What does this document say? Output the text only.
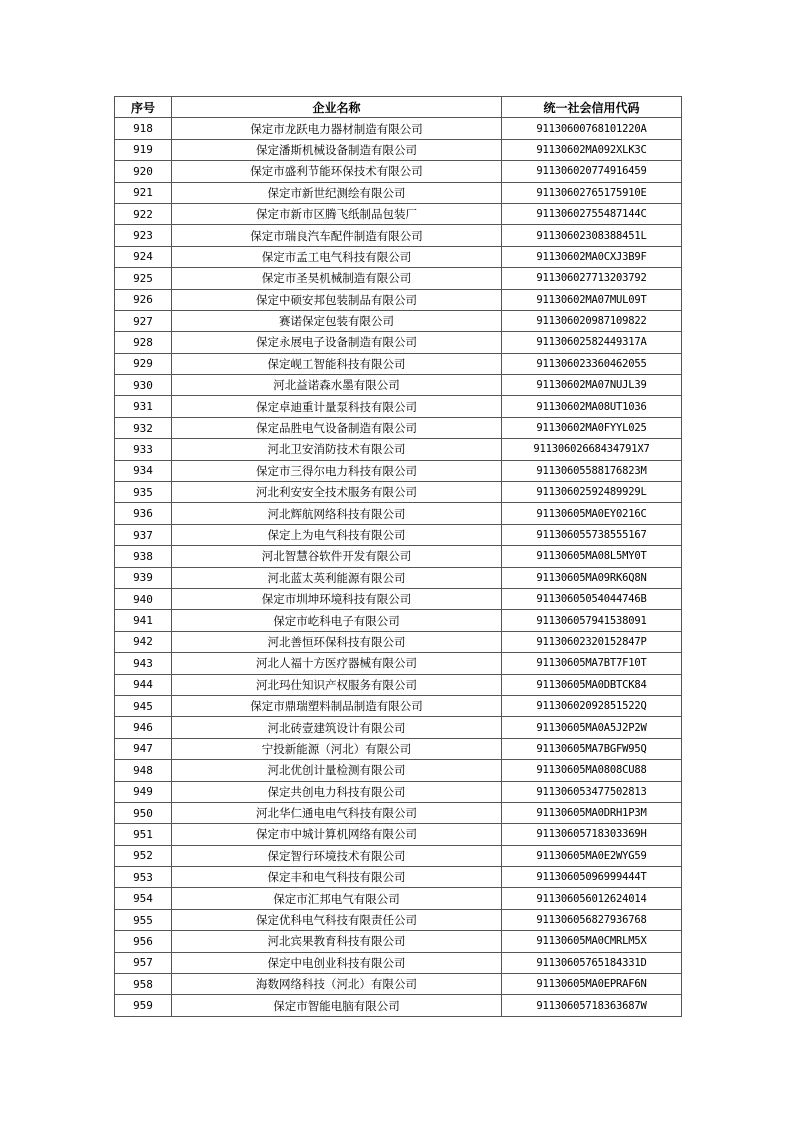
序号	企业名称	统一社会信用代码
918	保定市龙跃电力器材制造有限公司	91130600768101220A
919	保定潘斯机械设备制造有限公司	91130602MA092XLK3C
920	保定市盛利节能环保技术有限公司	911306020774916459
921	保定市新世纪测绘有限公司	91130602765175910E
922	保定市新市区腾飞纸制品包装厂	91130602755487144C
923	保定市瑞良汽车配件制造有限公司	91130602308388451L
924	保定市孟工电气科技有限公司	91130602MA0CXJ3B9F
925	保定市圣昊机械制造有限公司	911306027713203792
926	保定中硕安邦包装制品有限公司	91130602MA07MUL09T
927	赛诺保定包装有限公司	911306020987109822
928	保定永展电子设备制造有限公司	91130602582449317A
929	保定岘工智能科技有限公司	911306023360462055
930	河北益诺森水墨有限公司	91130602MA07NUJL39
931	保定卓迪重计量泵科技有限公司	91130602MA08UT1036
932	保定品胜电气设备制造有限公司	91130602MA0FYYL025
933	河北卫安消防技术有限公司	91130602668434791X7
934	保定市三得尔电力科技有限公司	91130605588176823M
935	河北利安安全技术服务有限公司	91130602592489929L
936	河北辉航网络科技有限公司	91130605MA0EY0216C
937	保定上为电气科技有限公司	911306055738555167
938	河北智慧谷软件开发有限公司	91130605MA08L5MY0T
939	河北蓝太英利能源有限公司	91130605MA09RK6Q8N
940	保定市圳坤环境科技有限公司	91130605054044746B
941	保定市屹科电子有限公司	911306057941538091
942	河北善恒环保科技有限公司	91130602320152847P
943	河北人福十方医疗器械有限公司	91130605MA7BT7F10T
944	河北玛仕知识产权服务有限公司	91130605MA0DBTCK84
945	保定市鼎瑞塑料制品制造有限公司	91130602092851522Q
946	河北砖壹建筑设计有限公司	91130605MA0A5J2P2W
947	宁投新能源（河北）有限公司	91130605MA7BGFW95Q
948	河北优创计量检测有限公司	91130605MA0808CU88
949	保定共创电力科技有限公司	911306053477502813
950	河北华仁通电电气科技有限公司	91130605MA0DRH1P3M
951	保定市中城计算机网络有限公司	91130605718303369H
952	保定智行环境技术有限公司	91130605MA0E2WYG59
953	保定丰和电气科技有限公司	91130605096999444T
954	保定市汇邦电气有限公司	911306056012624014
955	保定优科电气科技有限责任公司	911306056827936768
956	河北宾果教育科技有限公司	91130605MA0CMRLM5X
957	保定中电创业科技有限公司	91130605765184331D
958	海数网络科技（河北）有限公司	91130605MA0EPRAF6N
959	保定市智能电脑有限公司	91130605718363687W
